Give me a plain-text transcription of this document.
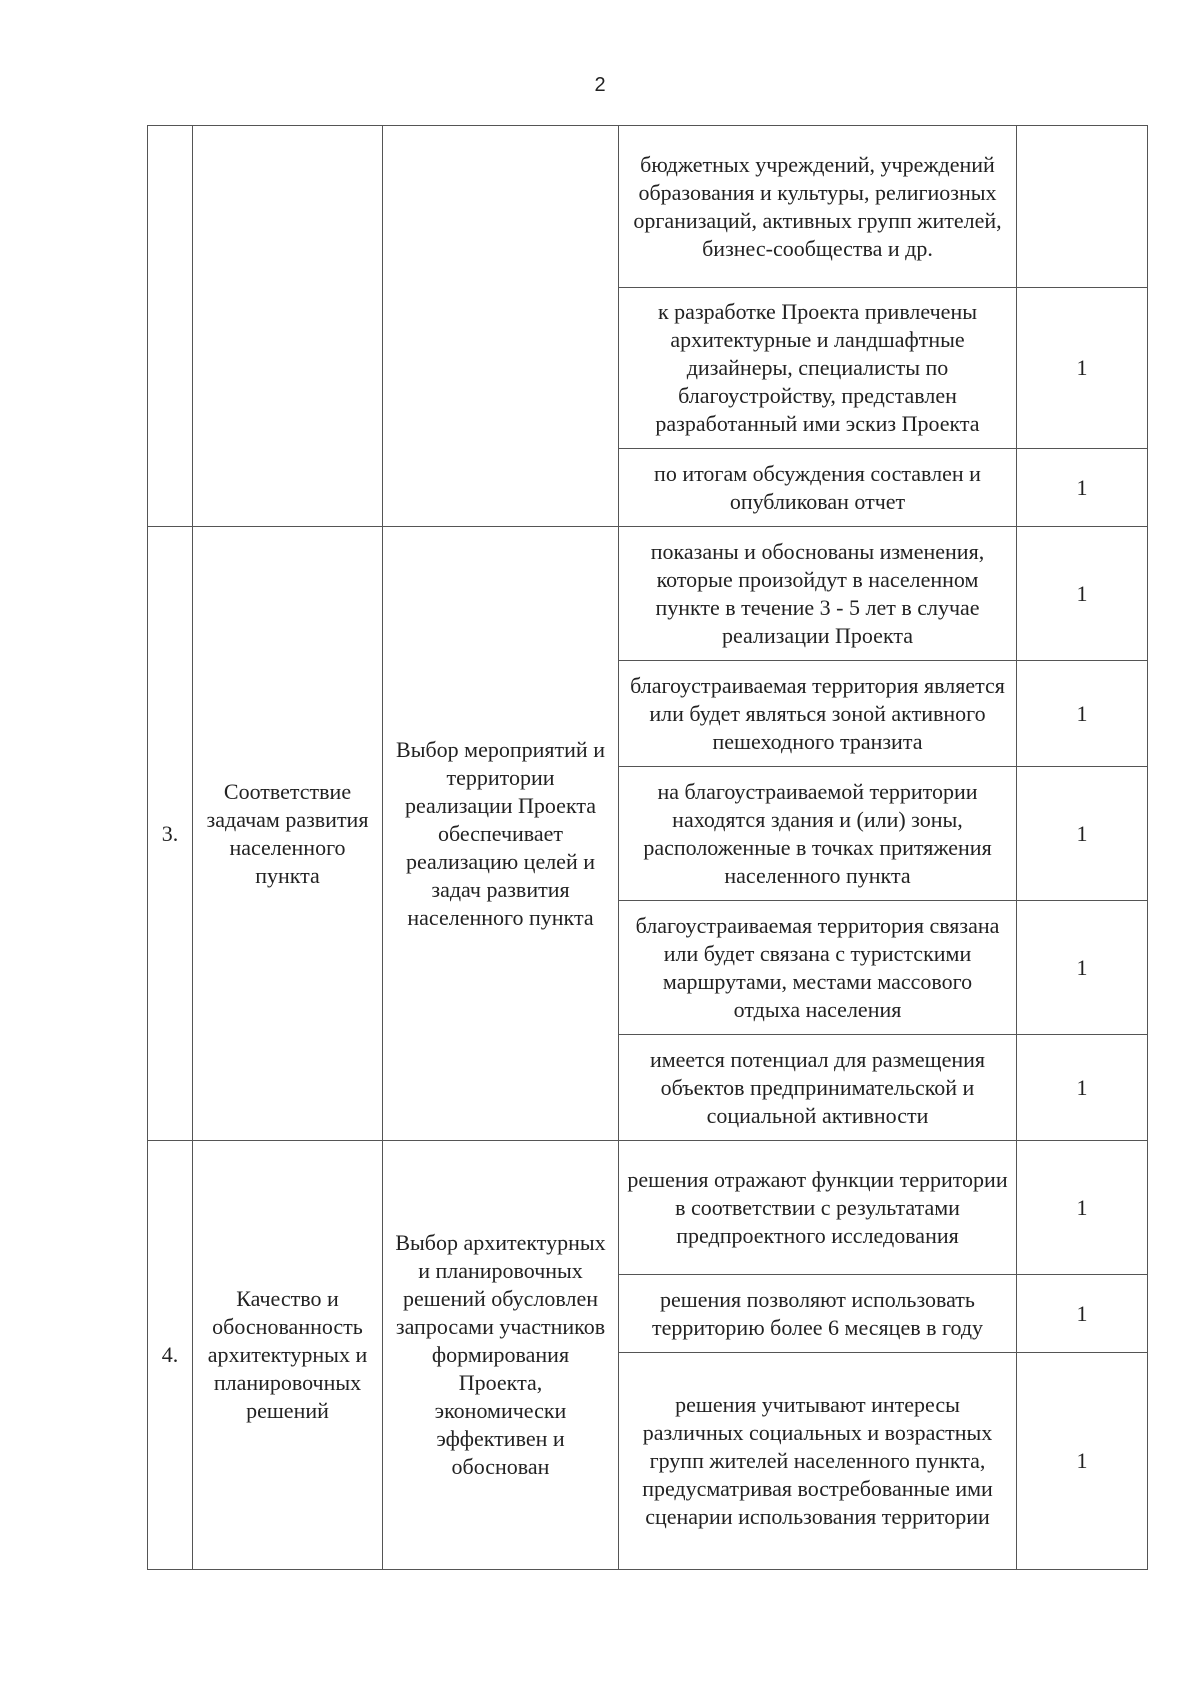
2
			бюджетных учреждений, учреждений образования и культуры, религиозных организаций, активных групп жителей, бизнес-сообщества и др.	
			к разработке Проекта привлечены архитектурные и ландшафтные дизайнеры, специалисты по благоустройству, представлен разработанный ими эскиз Проекта	1
			по итогам обсуждения составлен и опубликован отчет	1
3.	Соответствие задачам развития населенного пункта	Выбор мероприятий и территории реализации Проекта обеспечивает реализацию целей и задач развития населенного пункта	показаны и обоснованы изменения, которые произойдут в населенном пункте в течение 3 - 5 лет в случае реализации Проекта	1
			благоустраиваемая территория является или будет являться зоной активного пешеходного транзита	1
			на благоустраиваемой территории находятся здания и (или) зоны, расположенные в точках притяжения населенного пункта	1
			благоустраиваемая территория связана или будет связана с туристскими маршрутами, местами массового отдыха населения	1
			имеется потенциал для размещения объектов предпринимательской и социальной активности	1
4.	Качество и обоснованность архитектурных и планировочных решений	Выбор архитектурных и планировочных решений обусловлен запросами участников формирования Проекта, экономически эффективен и обоснован	решения отражают функции территории в соответствии с результатами предпроектного исследования	1
			решения позволяют использовать территорию более 6 месяцев в году	1
			решения учитывают интересы различных социальных и возрастных групп жителей населенного пункта, предусматривая востребованные ими сценарии использования территории	1
